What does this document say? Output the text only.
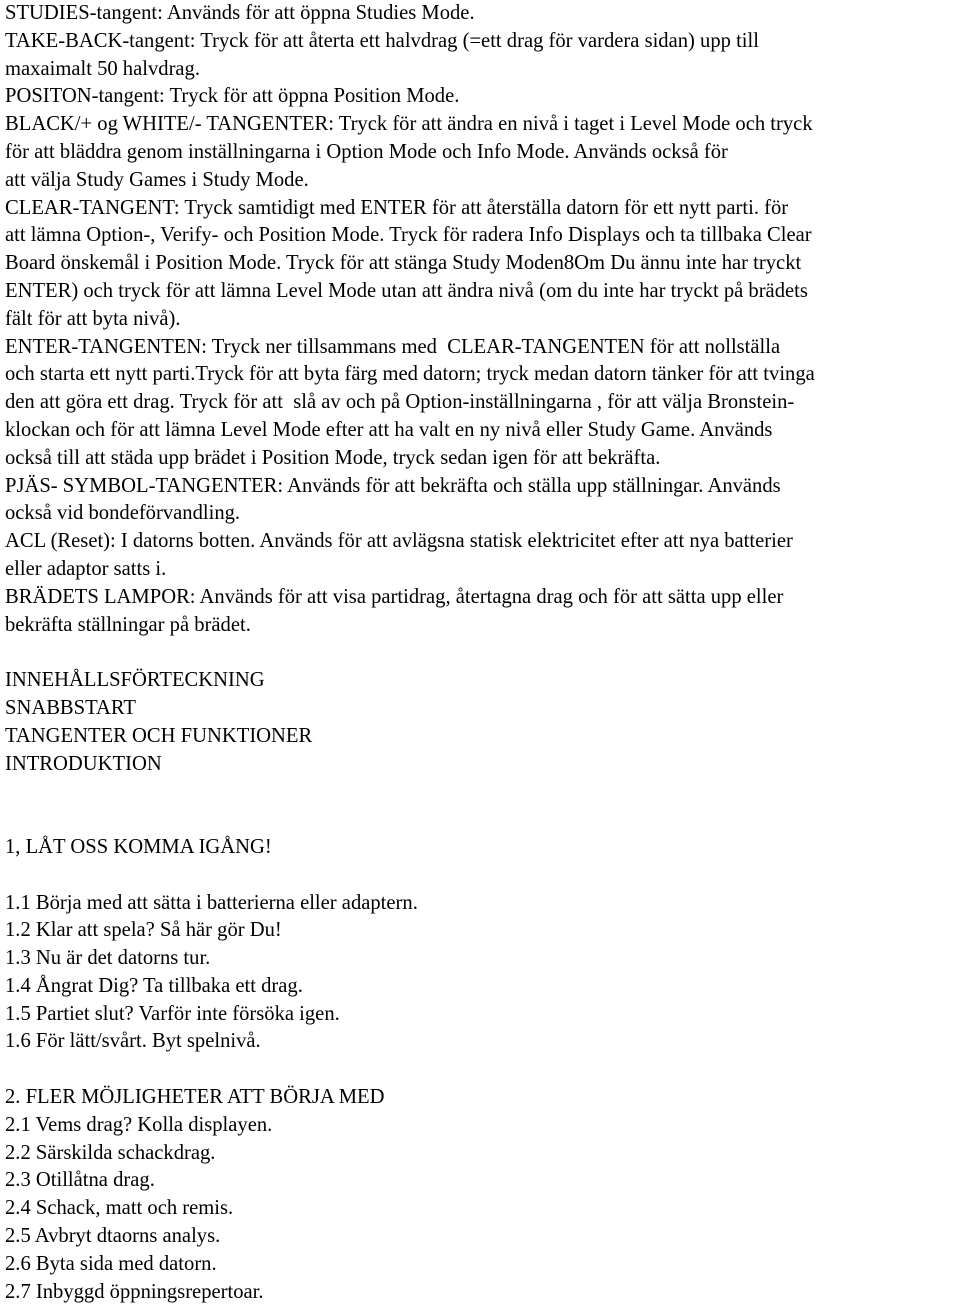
STUDIES-tangent: Används för att öppna Studies Mode.
TAKE-BACK-tangent: Tryck för att återta ett halvdrag (=ett drag för vardera sidan) upp till
maxaimalt 50 halvdrag.
POSITON-tangent: Tryck för att öppna Position Mode.
BLACK/+ og WHITE/- TANGENTER: Tryck för att ändra en nivå i taget i Level Mode och tryck
för att bläddra genom inställningarna i Option Mode och Info Mode. Används också för
att välja Study Games i Study Mode.
CLEAR-TANGENT: Tryck samtidigt med ENTER för att återställa datorn för ett nytt parti. för
att lämna Option-, Verify- och Position Mode. Tryck för radera Info Displays och ta tillbaka Clear
Board önskemål i Position Mode. Tryck för att stänga Study Moden8Om Du ännu inte har tryckt
ENTER) och tryck för att lämna Level Mode utan att ändra nivå (om du inte har tryckt på brädets
fält för att byta nivå).
ENTER-TANGENTEN: Tryck ner tillsammans med  CLEAR-TANGENTEN för att nollställa
och starta ett nytt parti.Tryck för att byta färg med datorn; tryck medan datorn tänker för att tvinga
den att göra ett drag. Tryck för att  slå av och på Option-inställningarna , för att välja Bronstein-
klockan och för att lämna Level Mode efter att ha valt en ny nivå eller Study Game. Används
också till att städa upp brädet i Position Mode, tryck sedan igen för att bekräfta.
PJÄS- SYMBOL-TANGENTER: Används för att bekräfta och ställa upp ställningar. Används
också vid bondeförvandling.
ACL (Reset): I datorns botten. Används för att avlägsna statisk elektricitet efter att nya batterier
eller adaptor satts i.
BRÄDETS LAMPOR: Används för att visa partidrag, återtagna drag och för att sätta upp eller
bekräfta ställningar på brädet.
INNEHÅLLSFÖRTECKNING
SNABBSTART
TANGENTER OCH FUNKTIONER
INTRODUKTION
1, LÅT OSS KOMMA IGÅNG!
1.1 Börja med att sätta i batterierna eller adaptern.
1.2 Klar att spela? Så här gör Du!
1.3 Nu är det datorns tur.
1.4 Ångrat Dig? Ta tillbaka ett drag.
1.5 Partiet slut? Varför inte försöka igen.
1.6 För lätt/svårt. Byt spelnivå.
2. FLER MÖJLIGHETER ATT BÖRJA MED
2.1 Vems drag? Kolla displayen.
2.2 Särskilda schackdrag.
2.3 Otillåtna drag.
2.4 Schack, matt och remis.
2.5 Avbryt dtaorns analys.
2.6 Byta sida med datorn.
2.7 Inbyggd öppningsrepertoar.
